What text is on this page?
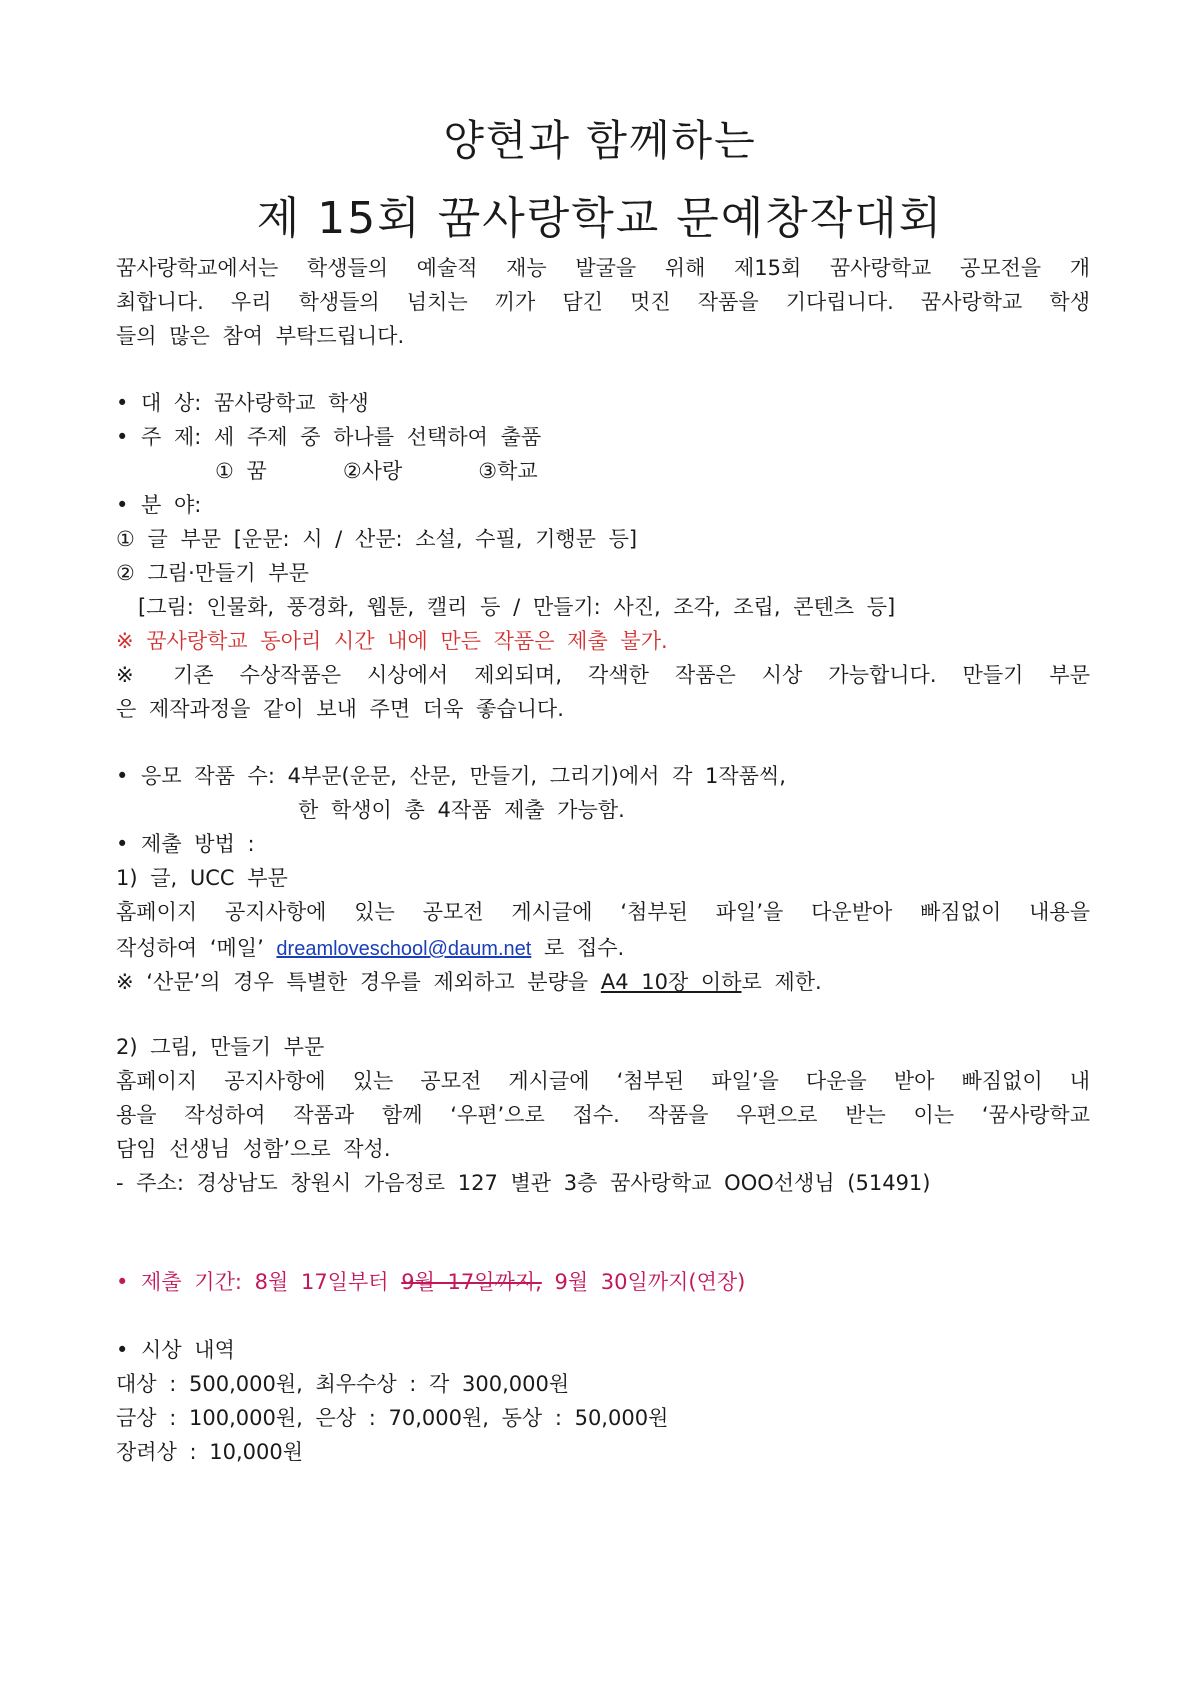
양현과 함께하는
제 15회 꿈사랑학교 문예창작대회
꿈사랑학교에서는 학생들의 예술적 재능 발굴을 위해 제15회 꿈사랑학교 공모전을 개
최합니다. 우리 학생들의 넘치는 끼가 담긴 멋진 작품을 기다립니다. 꿈사랑학교 학생
들의 많은 참여 부탁드립니다.
• 대 상: 꿈사랑학교 학생
• 주 제: 세 주제 중 하나를 선택하여 출품
① 꿈      ②사랑      ③학교
• 분 야:
① 글 부문 [운문: 시 / 산문: 소설, 수필, 기행문 등]
② 그림·만들기 부문
[그림: 인물화, 풍경화, 웹툰, 캘리 등 / 만들기: 사진, 조각, 조립, 콘텐츠 등]
※ 꿈사랑학교 동아리 시간 내에 만든 작품은 제출 불가.
※ 기존 수상작품은 시상에서 제외되며, 각색한 작품은 시상 가능합니다. 만들기 부문
은 제작과정을 같이 보내 주면 더욱 좋습니다.
• 응모 작품 수: 4부문(운문, 산문, 만들기, 그리기)에서 각 1작품씩,
한 학생이 총 4작품 제출 가능함.
• 제출 방법 :
1) 글, UCC 부문
홈페이지 공지사항에 있는 공모전 게시글에 ‘첨부된 파일’을 다운받아 빠짐없이 내용을
작성하여 ‘메일’ dreamloveschool@daum.net 로 접수.
※ ‘산문’의 경우 특별한 경우를 제외하고 분량을 A4 10장 이하로 제한.
2) 그림, 만들기 부문
홈페이지 공지사항에 있는 공모전 게시글에 ‘첨부된 파일’을 다운을 받아 빠짐없이 내
용을 작성하여 작품과 함께 ‘우편’으로 접수. 작품을 우편으로 받는 이는 ‘꿈사랑학교
담임 선생님 성함’으로 작성.
- 주소: 경상남도 창원시 가음정로 127 별관 3층 꿈사랑학교 OOO선생님 (51491)
• 제출 기간: 8월 17일부터 9월 17일까지, 9월 30일까지(연장)
• 시상 내역
대상 : 500,000원, 최우수상 : 각 300,000원
금상 : 100,000원, 은상 : 70,000원, 동상 : 50,000원
장려상 : 10,000원
